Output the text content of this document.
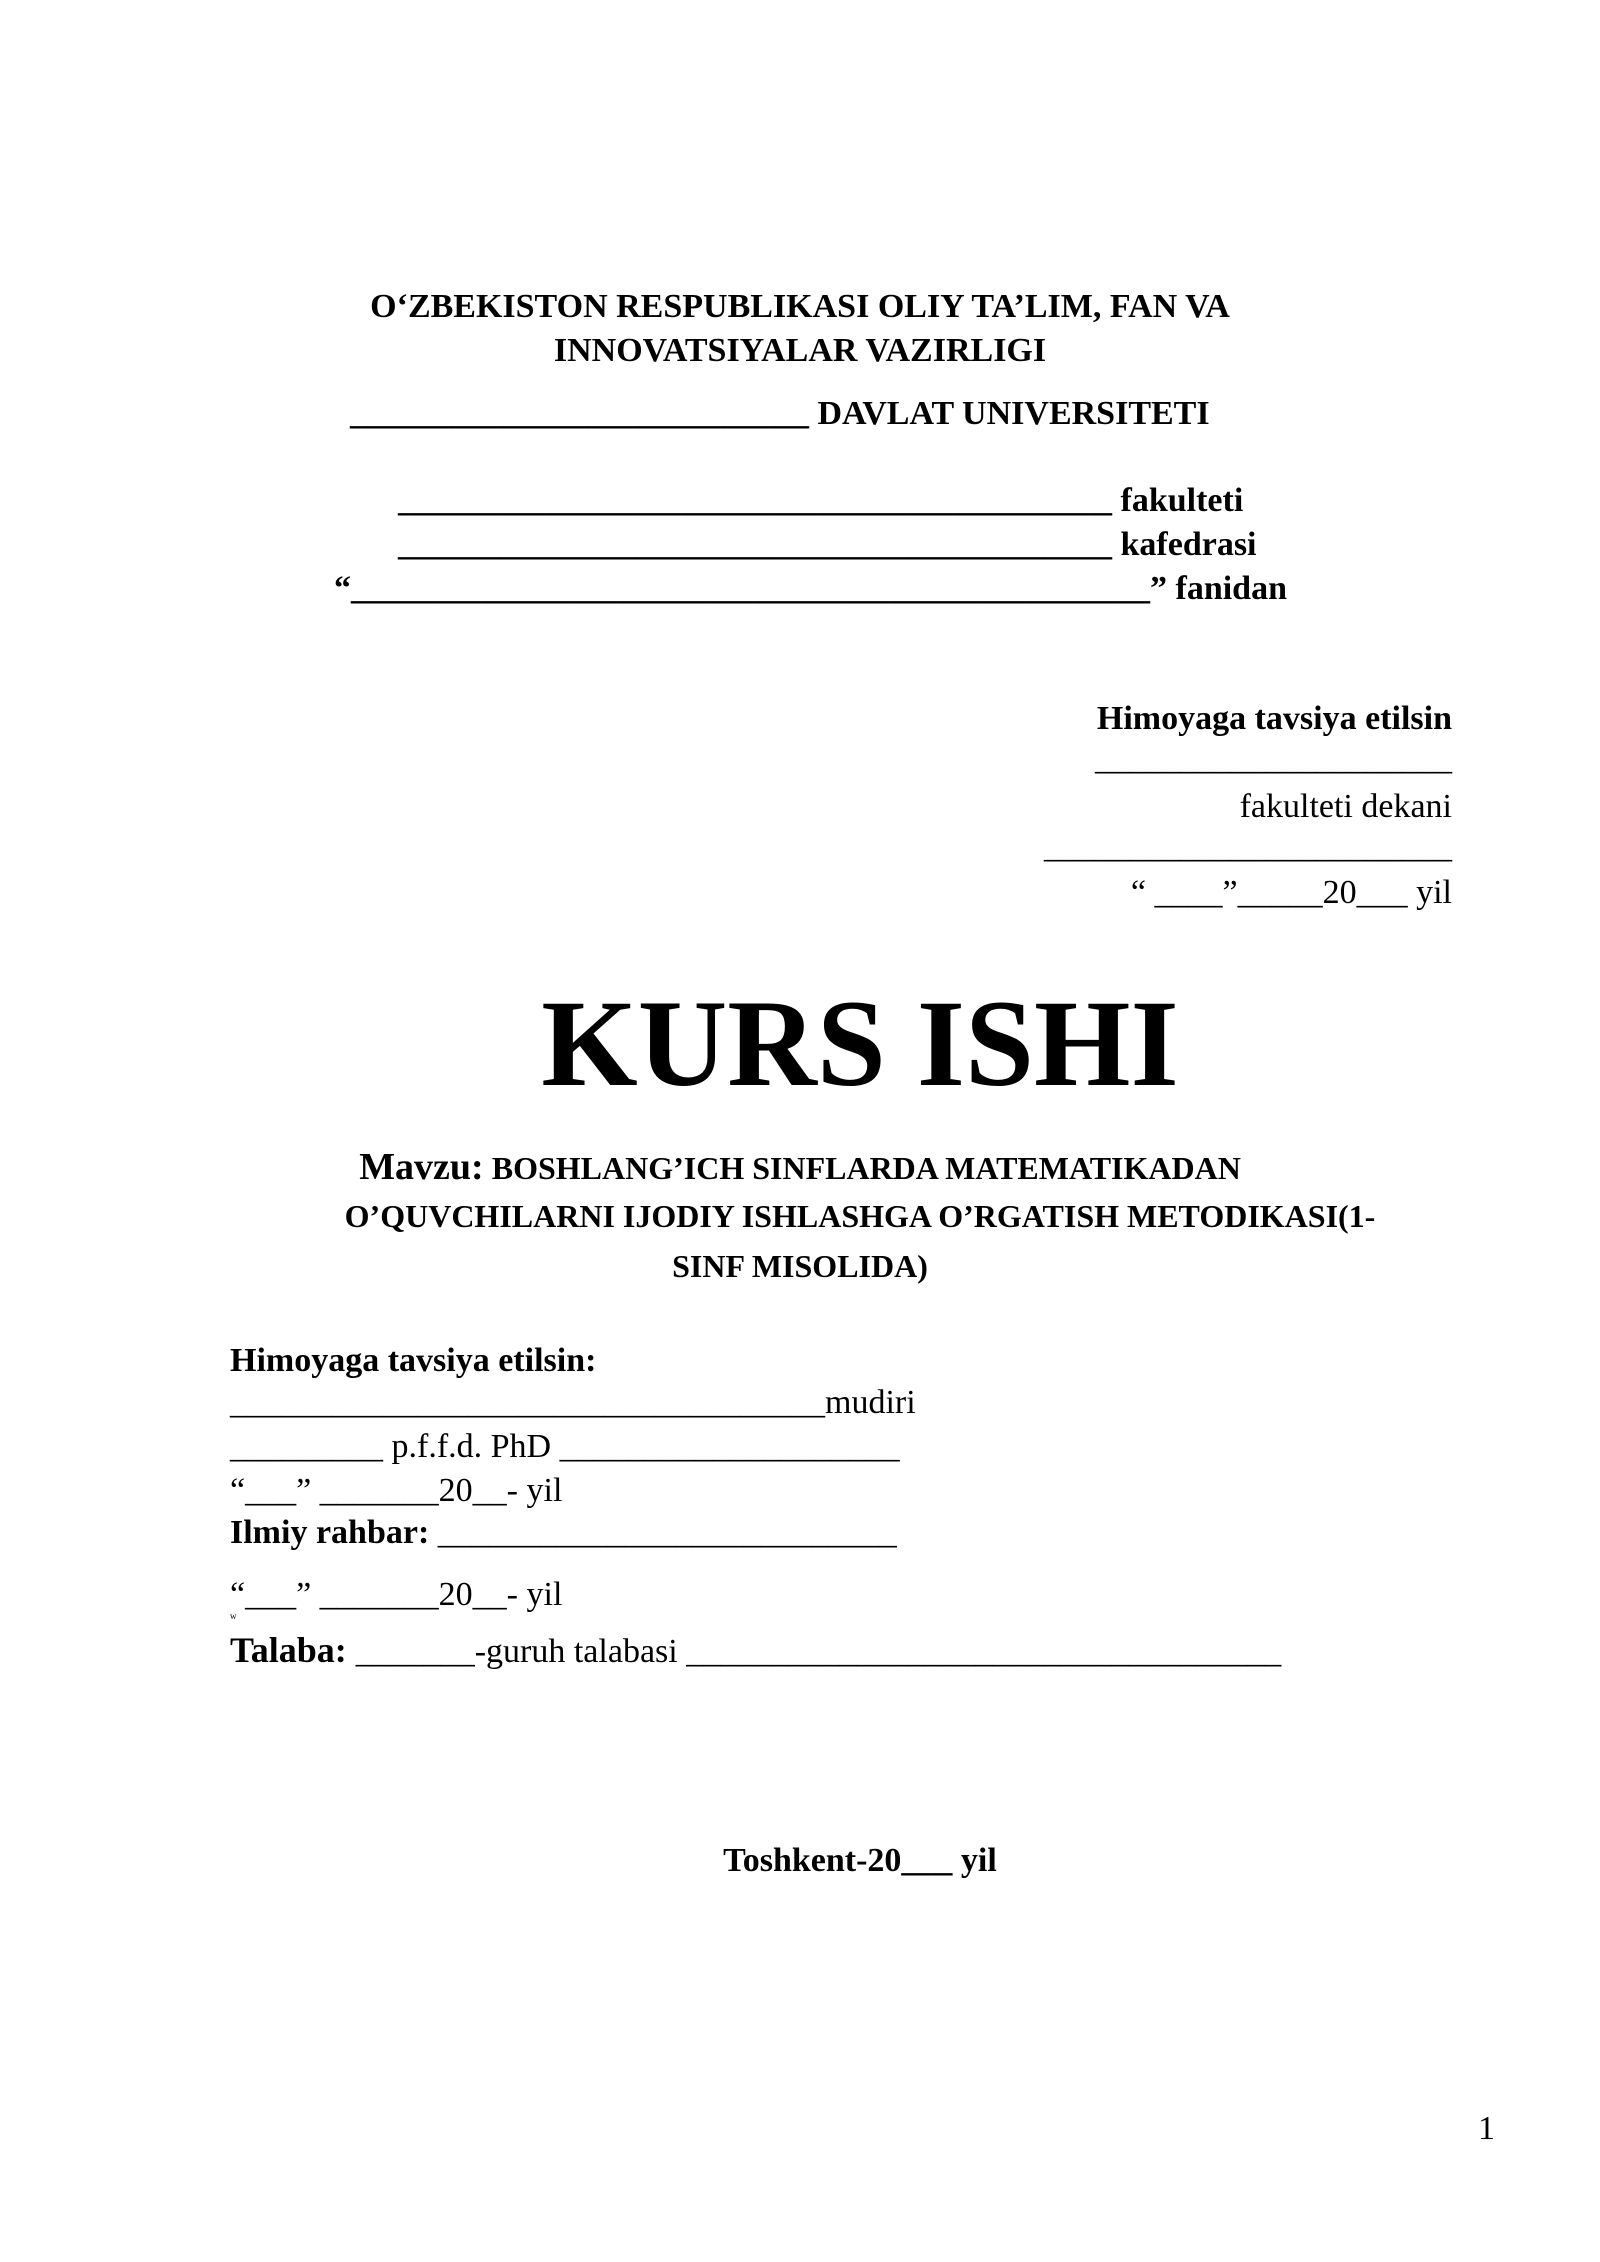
O‘ZBEKISTON RESPUBLIKASI OLIY TA’LIM, FAN VA
INNOVATSIYALAR VAZIRLIGI
___________________________ DAVLAT UNIVERSITETI
__________________________________________ fakulteti
__________________________________________ kafedrasi
“_______________________________________________” fanidan
Himoyaga tavsiya etilsin
_____________________
fakulteti dekani
________________________
“ ____”_____20___ yil
KURS ISHI
Mavzu: BOSHLANG’ICH SINFLARDA MATEMATIKADAN
O’QUVCHILARNI IJODIY ISHLASHGA O’RGATISH METODIKASI(1-
SINF MISOLIDA)
Himoyaga tavsiya etilsin:
___________________________________mudiri
_________ p.f.f.d. PhD ____________________
“___” _______20__- yil
Ilmiy rahbar: ___________________________
“___” _______20__- yil
w
Talaba: _______-guruh talabasi ___________________________________
Toshkent-20___ yil
1
